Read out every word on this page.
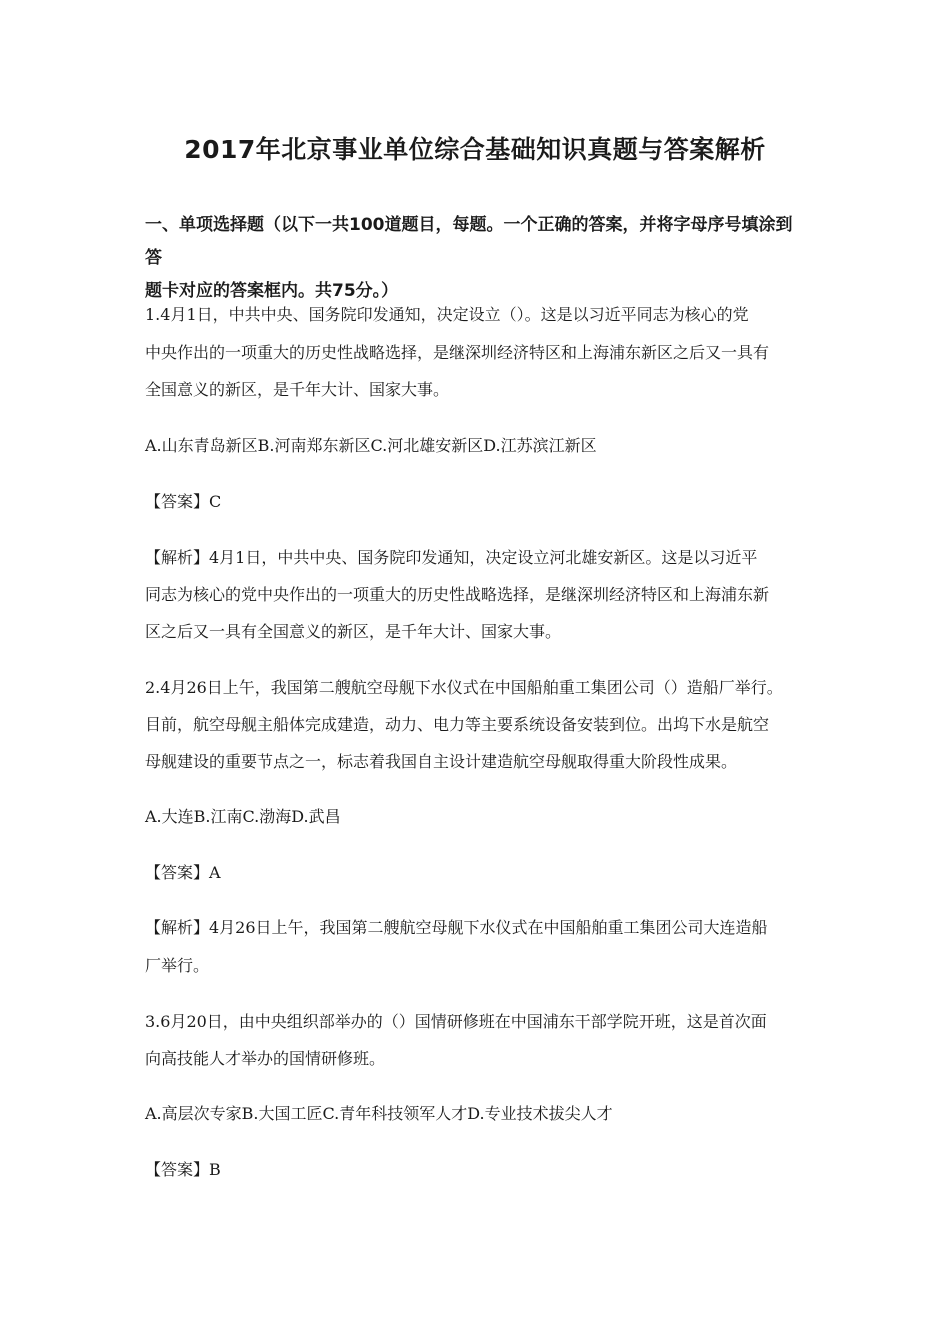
2017年北京事业单位综合基础知识真题与答案解析
一、单项选择题（以下一共100道题目，每题。一个正确的答案，并将字母序号填涂到答
题卡对应的答案框内。共75分。）
1.4月1日，中共中央、国务院印发通知，决定设立（）。这是以习近平同志为核心的党
中央作出的一项重大的历史性战略选择，是继深圳经济特区和上海浦东新区之后又一具有
全国意义的新区，是千年大计、国家大事。
A.山东青岛新区B.河南郑东新区C.河北雄安新区D.江苏滨江新区
【答案】C
【解析】4月1日，中共中央、国务院印发通知，决定设立河北雄安新区。这是以习近平
同志为核心的党中央作出的一项重大的历史性战略选择，是继深圳经济特区和上海浦东新
区之后又一具有全国意义的新区，是千年大计、国家大事。
2.4月26日上午，我国第二艘航空母舰下水仪式在中国船舶重工集团公司（）造船厂举行。
目前，航空母舰主船体完成建造，动力、电力等主要系统设备安装到位。出坞下水是航空
母舰建设的重要节点之一，标志着我国自主设计建造航空母舰取得重大阶段性成果。
A.大连B.江南C.渤海D.武昌
【答案】A
【解析】4月26日上午，我国第二艘航空母舰下水仪式在中国船舶重工集团公司大连造船
厂举行。
3.6月20日，由中央组织部举办的（）国情研修班在中国浦东干部学院开班，这是首次面
向高技能人才举办的国情研修班。
A.高层次专家B.大国工匠C.青年科技领军人才D.专业技术拔尖人才
【答案】B
